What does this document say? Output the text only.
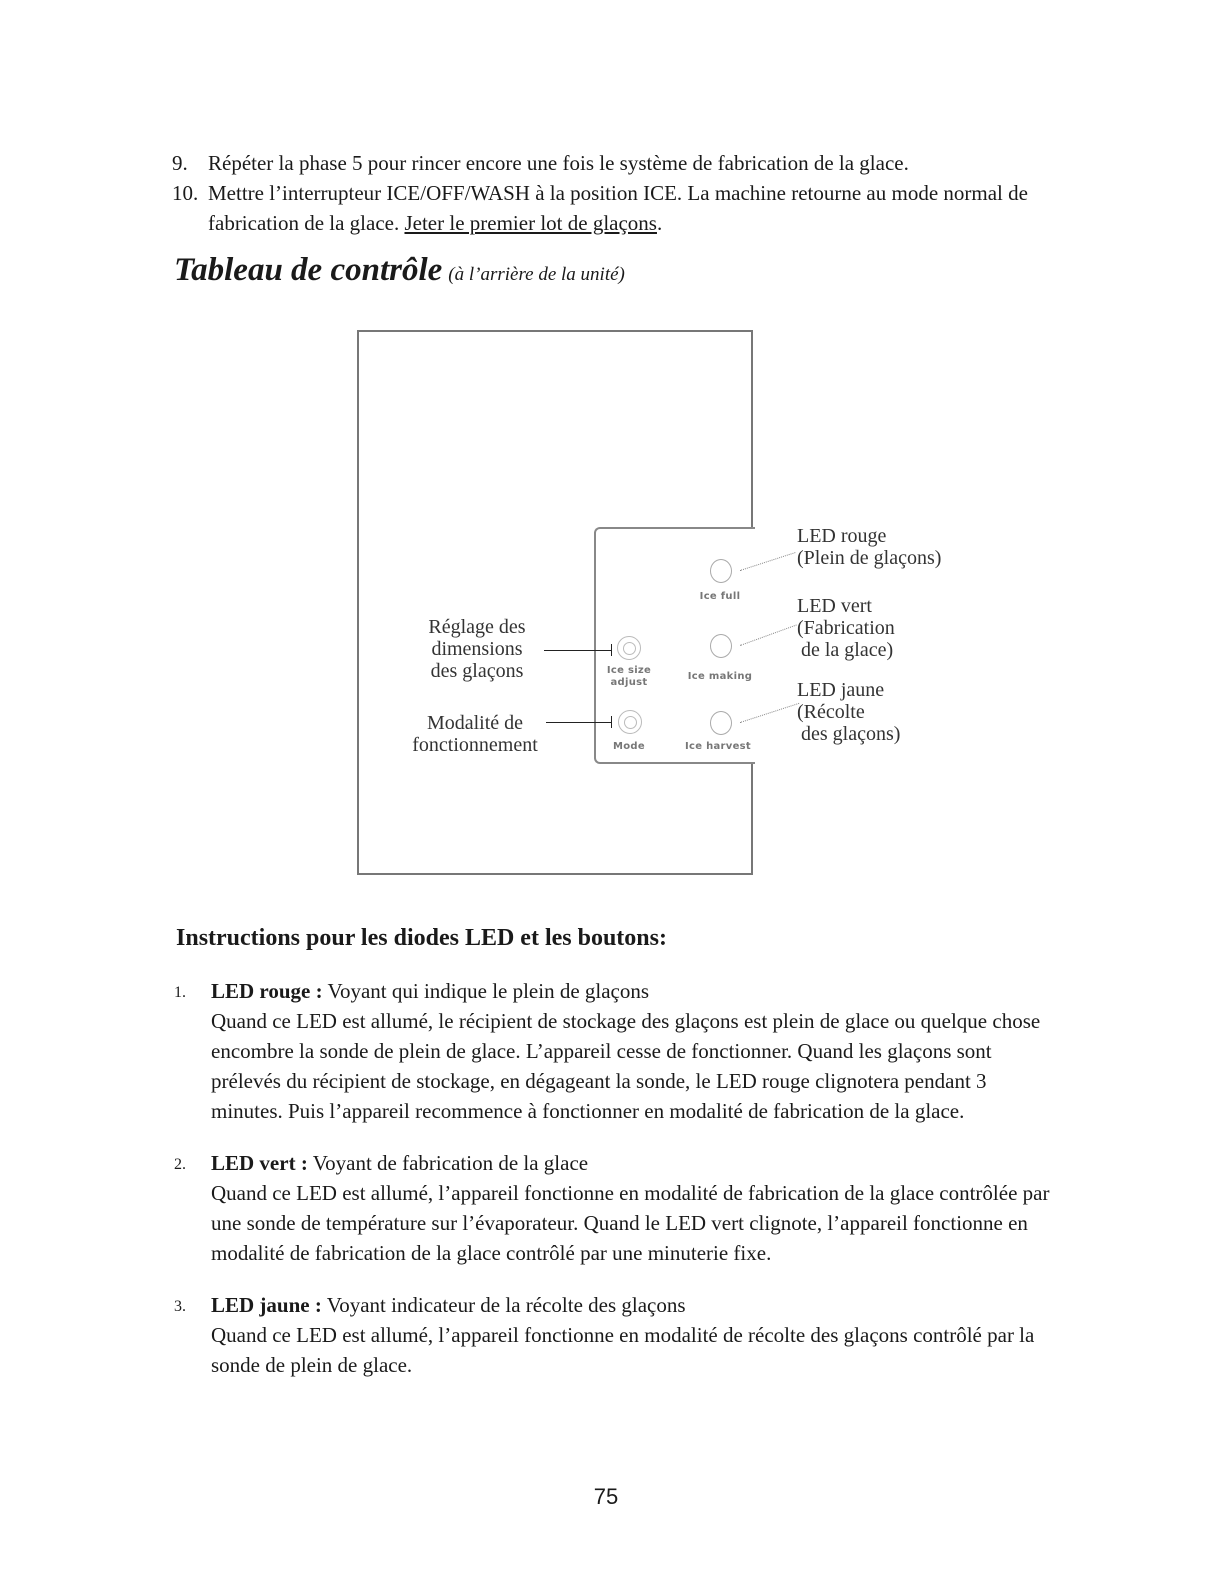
9. Répéter la phase 5 pour rincer encore une fois le système de fabrication de la glace.
10. Mettre l’interrupteur ICE/OFF/WASH à la position ICE. La machine retourne au mode normal de fabrication de la glace. Jeter le premier lot de glaçons.
Tableau de contrôle (à l’arrière de la unité)
Ice full
Ice making
Ice harvest
Ice size
adjust
Mode
Réglage des
dimensions
des glaçons
Modalité de
fonctionnement
LED rouge
(Plein de glaçons)
LED vert
(Fabrication
de la glace)
LED jaune
(Récolte
des glaçons)
Instructions pour les diodes LED et les boutons:
1. LED rouge : Voyant qui indique le plein de glaçons
Quand ce LED est allumé, le récipient de stockage des glaçons est plein de glace ou quelque chose encombre la sonde de plein de glace. L’appareil cesse de fonctionner. Quand les glaçons sont prélevés du récipient de stockage, en dégageant la sonde, le LED rouge clignotera pendant 3 minutes. Puis l’appareil recommence à fonctionner en modalité de fabrication de la glace.
2. LED vert : Voyant de fabrication de la glace
Quand ce LED est allumé, l’appareil fonctionne en modalité de fabrication de la glace contrôlée par une sonde de température sur l’évaporateur. Quand le LED vert clignote, l’appareil fonctionne en modalité de fabrication de la glace contrôlé par une minuterie fixe.
3. LED jaune : Voyant indicateur de la récolte des glaçons
Quand ce LED est allumé, l’appareil fonctionne en modalité de récolte des glaçons contrôlé par la sonde de plein de glace.
75
